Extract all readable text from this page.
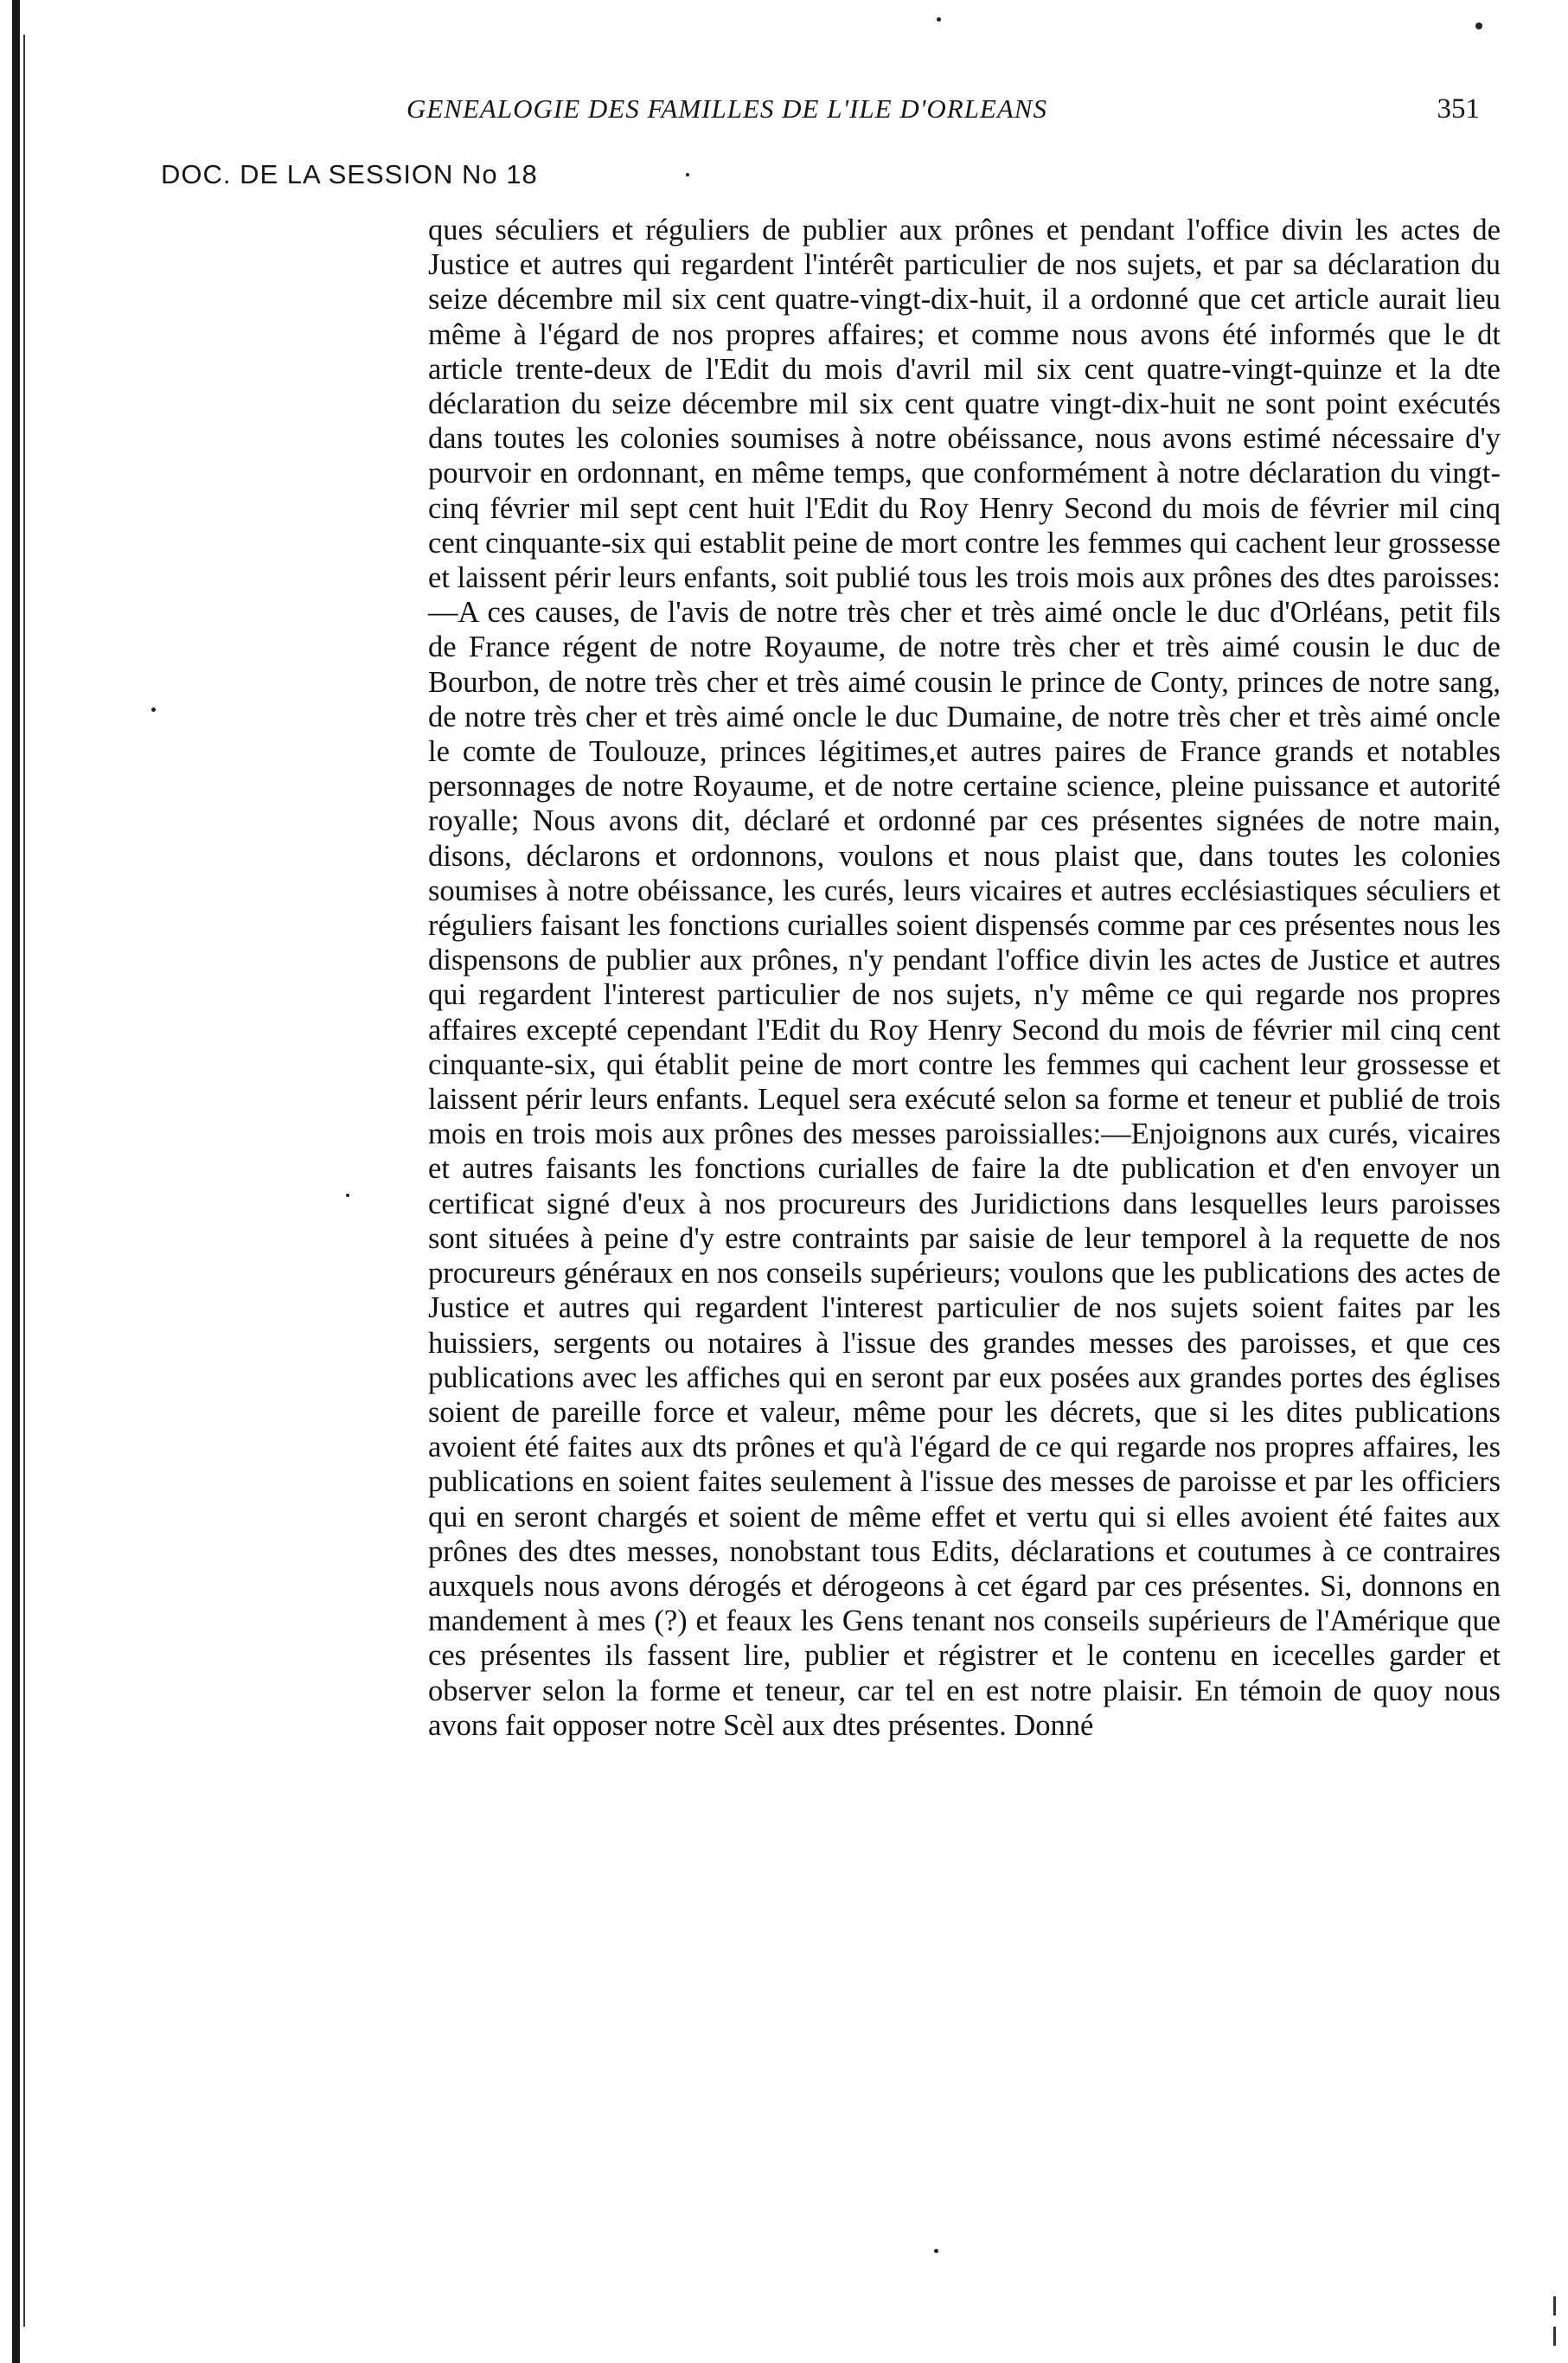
GENEALOGIE DES FAMILLES DE L'ILE D'ORLEANS	351
DOC. DE LA SESSION No 18

ques séculiers et réguliers de publier aux prônes et pendant l'office divin les actes de Justice et autres qui regardent l'intérêt particulier de nos sujets, et par sa déclaration du seize décembre mil six cent quatre-vingt-dix-huit, il a ordonné que cet article aurait lieu même à l'égard de nos propres affaires; et comme nous avons été informés que le dt article trente-deux de l'Edit du mois d'avril mil six cent quatre-vingt-quinze et la dte déclaration du seize décembre mil six cent quatre vingt-dix-huit ne sont point exécutés dans toutes les colonies soumises à notre obéissance, nous avons estimé nécessaire d'y pourvoir en ordonnant, en même temps, que conformément à notre déclaration du vingt-cinq février mil sept cent huit l'Edit du Roy Henry Second du mois de février mil cinq cent cinquante-six qui establit peine de mort contre les femmes qui cachent leur grossesse et laissent périr leurs enfants, soit publié tous les trois mois aux prônes des dtes paroisses:—A ces causes, de l'avis de notre très cher et très aimé oncle le duc d'Orléans, petit fils de France régent de notre Royaume, de notre très cher et très aimé cousin le duc de Bourbon, de notre très cher et très aimé cousin le prince de Conty, princes de notre sang, de notre très cher et très aimé oncle le duc Dumaine, de notre très cher et très aimé oncle le comte de Toulouze, princes légitimes,et autres paires de France grands et notables personnages de notre Royaume, et de notre certaine science, pleine puissance et autorité royalle; Nous avons dit, déclaré et ordonné par ces présentes signées de notre main, disons, déclarons et ordonnons, voulons et nous plaist que, dans toutes les colonies soumises à notre obéissance, les curés, leurs vicaires et autres ecclésiastiques séculiers et réguliers faisant les fonctions curialles soient dispensés comme par ces présentes nous les dispensons de publier aux prônes, n'y pendant l'office divin les actes de Justice et autres qui regardent l'interest particulier de nos sujets, n'y même ce qui regarde nos propres affaires excepté cependant l'Edit du Roy Henry Second du mois de février mil cinq cent cinquante-six, qui établit peine de mort contre les femmes qui cachent leur grossesse et laissent périr leurs enfants. Lequel sera exécuté selon sa forme et teneur et publié de trois mois en trois mois aux prônes des messes paroissialles:—Enjoignons aux curés, vicaires et autres faisants les fonctions curialles de faire la dte publication et d'en envoyer un certificat signé d'eux à nos procureurs des Juridictions dans lesquelles leurs paroisses sont situées à peine d'y estre contraints par saisie de leur temporel à la requette de nos procureurs généraux en nos conseils supérieurs; voulons que les publications des actes de Justice et autres qui regardent l'interest particulier de nos sujets soient faites par les huissiers, sergents ou notaires à l'issue des grandes messes des paroisses, et que ces publications avec les affiches qui en seront par eux posées aux grandes portes des églises soient de pareille force et valeur, même pour les décrets, que si les dites publications avoient été faites aux dts prônes et qu'à l'égard de ce qui regarde nos propres affaires, les publications en soient faites seulement à l'issue des messes de paroisse et par les officiers qui en seront chargés et soient de même effet et vertu qui si elles avoient été faites aux prônes des dtes messes, nonobstant tous Edits, déclarations et coutumes à ce contraires auxquels nous avons dérogés et dérogeons à cet égard par ces présentes. Si, donnons en mandement à mes (?) et feaux les Gens tenant nos conseils supérieurs de l'Amérique que ces présentes ils fassent lire, publier et régistrer et le contenu en icecelles garder et observer selon la forme et teneur, car tel en est notre plaisir. En témoin de quoy nous avons fait opposer notre Scèl aux dtes présentes. Donné
